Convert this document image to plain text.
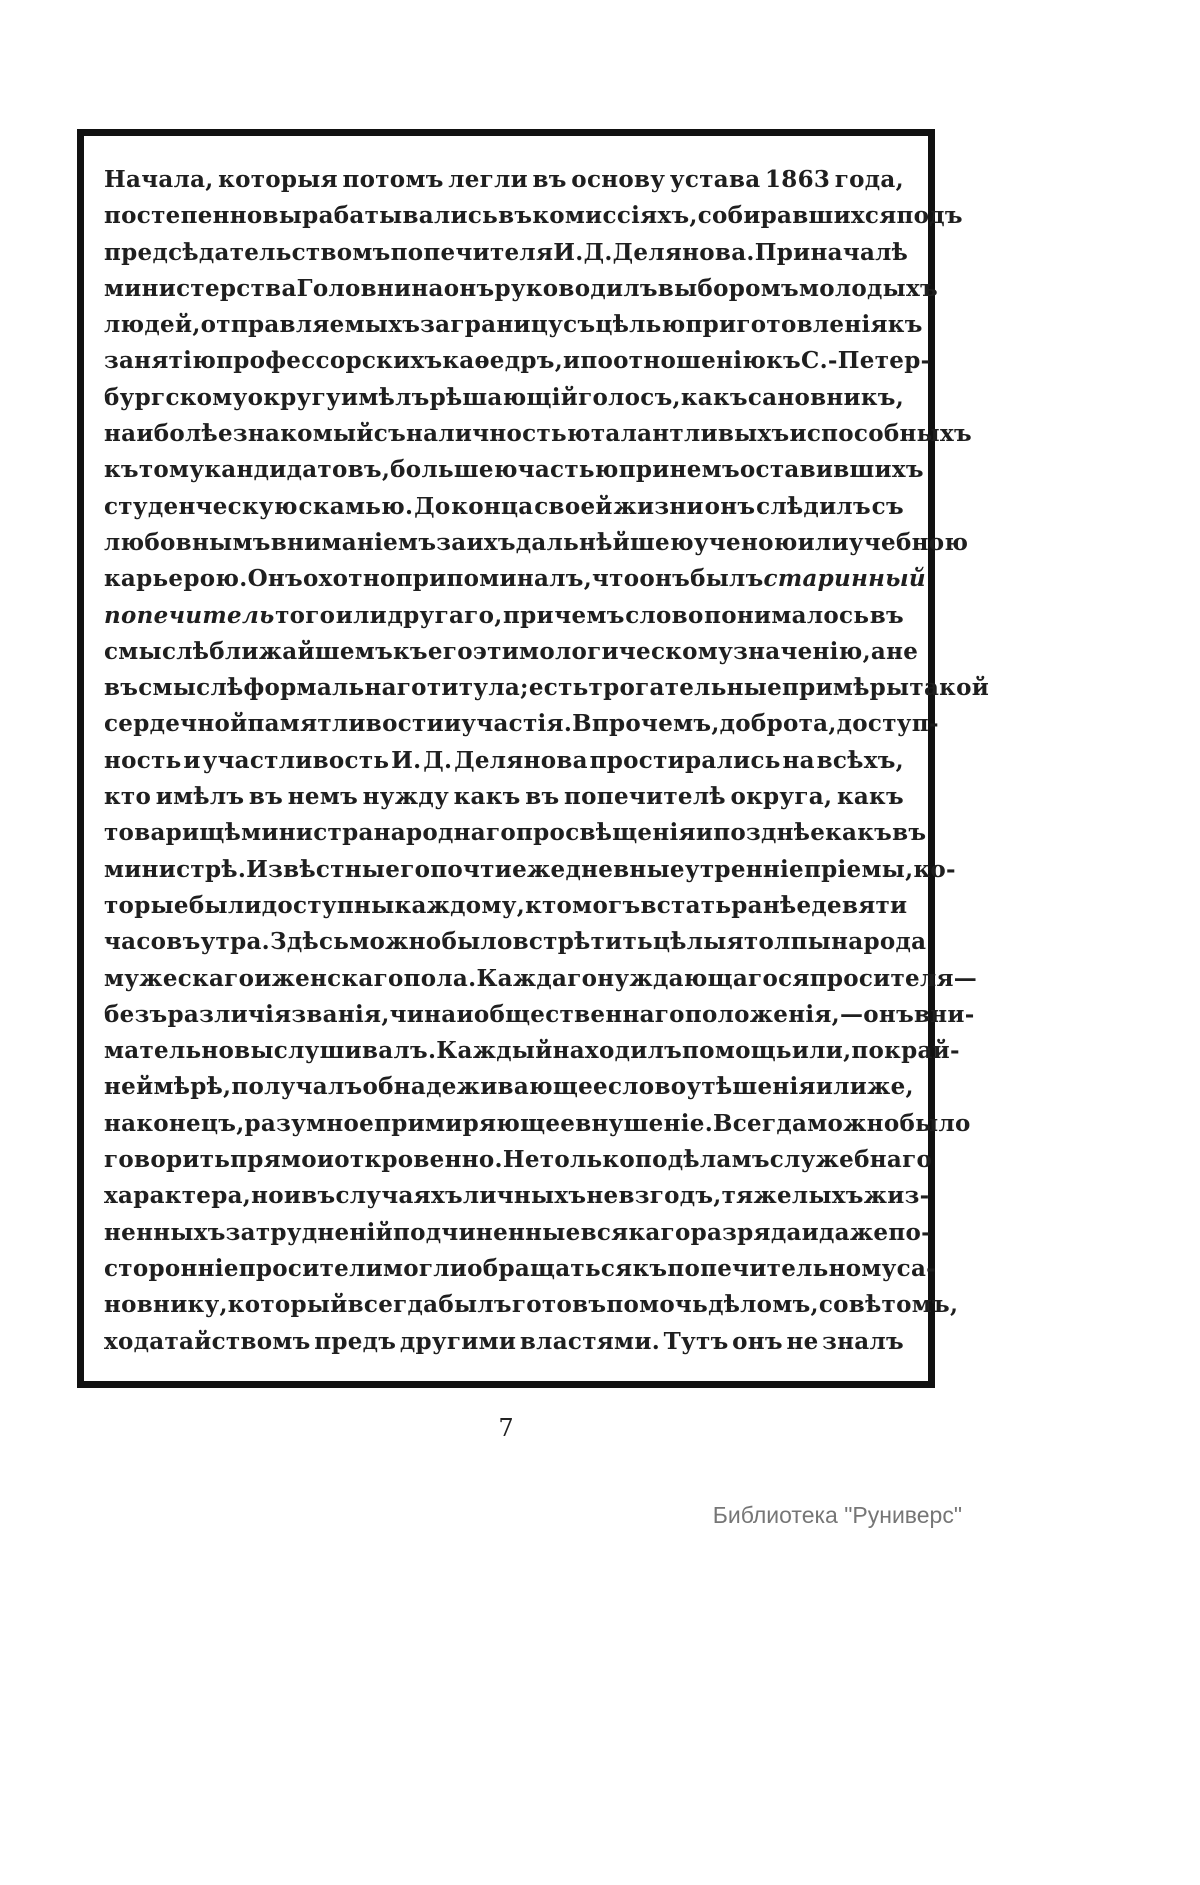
Начала, которыя потомъ легли въ основу устава 1863 года,
постепенно вырабатывались въ комиссіяхъ, собиравшихся подъ
предсѣдательствомъ попечителя И. Д. Делянова. При началѣ
министерства Головнина онъ руководилъ выборомъ молодыхъ
людей, отправляемыхъ за границу съ цѣлью приготовленія къ
занятію профессорскихъ каѳедръ, и по отношенію къ С.-Петер-
бургскому округу имѣлъ рѣшающій голосъ, какъ сановникъ,
наиболѣе знакомый съ наличностью талантливыхъ и способныхъ
къ тому кандидатовъ, большею частью при немъ оставившихъ
студенческую скамью. До конца своей жизни онъ слѣдилъ съ
любовнымъ вниманіемъ за ихъ дальнѣйшею ученою или учебною
карьерою. Онъ охотно припоминалъ, что онъ былъ старинный
попечитель того или другаго, при чемъ слово понималось въ
смыслѣ ближайшемъ къ его этимологическому значенію, а не
въ смыслѣ формальнаго титула; есть трогательные примѣры такой
сердечной памятливости и участія. Впрочемъ, доброта, доступ-
ность и участливость И. Д. Делянова простирались на всѣхъ,
кто имѣлъ въ немъ нужду какъ въ попечителѣ округа, какъ
товарищѣ министра народнаго просвѣщенія и позднѣе какъ въ
министрѣ. Извѣстны его почти ежедневные утренніе пріемы, ко-
торые были доступны каждому, кто могъ встать ранѣе девяти
часовъ утра. Здѣсь можно было встрѣтить цѣлыя толпы народа
мужескаго и женскаго пола. Каждаго нуждающагося просителя—
безъ различія званія, чина и общественнаго положенія,—онъ вни-
мательно выслушивалъ. Каждый находилъ помощь или, по край-
ней мѣрѣ, получалъ обнадеживающее слово утѣшенія или же,
наконецъ, разумное примиряющее внушеніе. Всегда можно было
говорить прямо и откровенно. Не только по дѣламъ служебнаго
характера, но и въ случаяхъ личныхъ невзгодъ, тяжелыхъ жиз-
ненныхъ затрудненій подчиненные всякаго разряда и даже по-
сторонніе просители могли обращаться къ попечительному са-
новнику, который всегда былъ готовъ помочь дѣломъ, совѣтомъ,
ходатайствомъ предъ другими властями. Тутъ онъ не зналъ
7
Библиотека "Руниверс"
